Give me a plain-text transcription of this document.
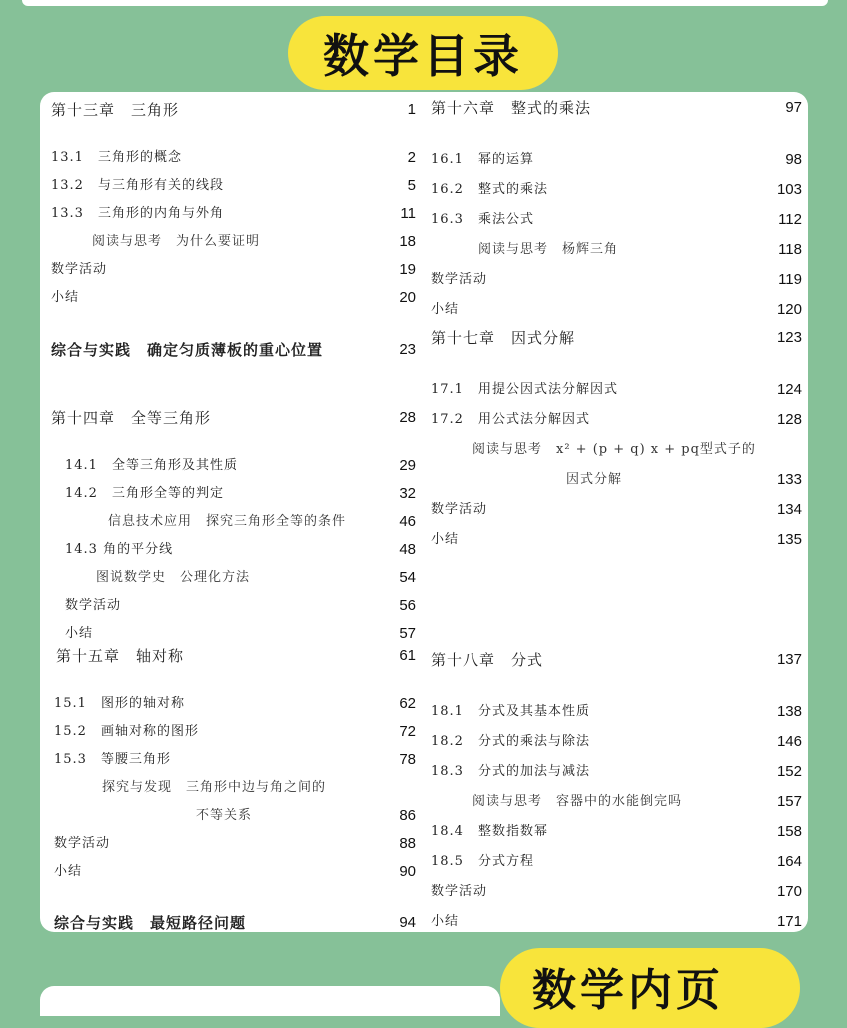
数学目录
第十三章　三角形	1
13.1　三角形的概念	2
13.2　与三角形有关的线段	5
13.3　三角形的内角与外角	11
阅读与思考　为什么要证明	18
数学活动	19
小结	20
综合与实践　确定匀质薄板的重心位置	23
第十四章　全等三角形	28
14.1　全等三角形及其性质	29
14.2　三角形全等的判定	32
信息技术应用　探究三角形全等的条件	46
14.3 角的平分线	48
图说数学史　公理化方法	54
数学活动	56
小结	57
第十五章　轴对称	61
15.1　图形的轴对称	62
15.2　画轴对称的图形	72
15.3　等腰三角形	78
探究与发现　三角形中边与角之间的
不等关系	86
数学活动	88
小结	90
综合与实践　最短路径问题	94
第十六章　整式的乘法	97
16.1　幂的运算	98
16.2　整式的乘法	103
16.3　乘法公式	112
阅读与思考　杨辉三角	118
数学活动	119
小结	120
第十七章　因式分解	123
17.1　用提公因式法分解因式	124
17.2　用公式法分解因式	128
阅读与思考　x² + (p + q) x + pq型式子的
因式分解	133
数学活动	134
小结	135
第十八章　分式	137
18.1　分式及其基本性质	138
18.2　分式的乘法与除法	146
18.3　分式的加法与减法	152
阅读与思考　容器中的水能倒完吗	157
18.4　整数指数幂	158
18.5　分式方程	164
数学活动	170
小结	171
数学内页
